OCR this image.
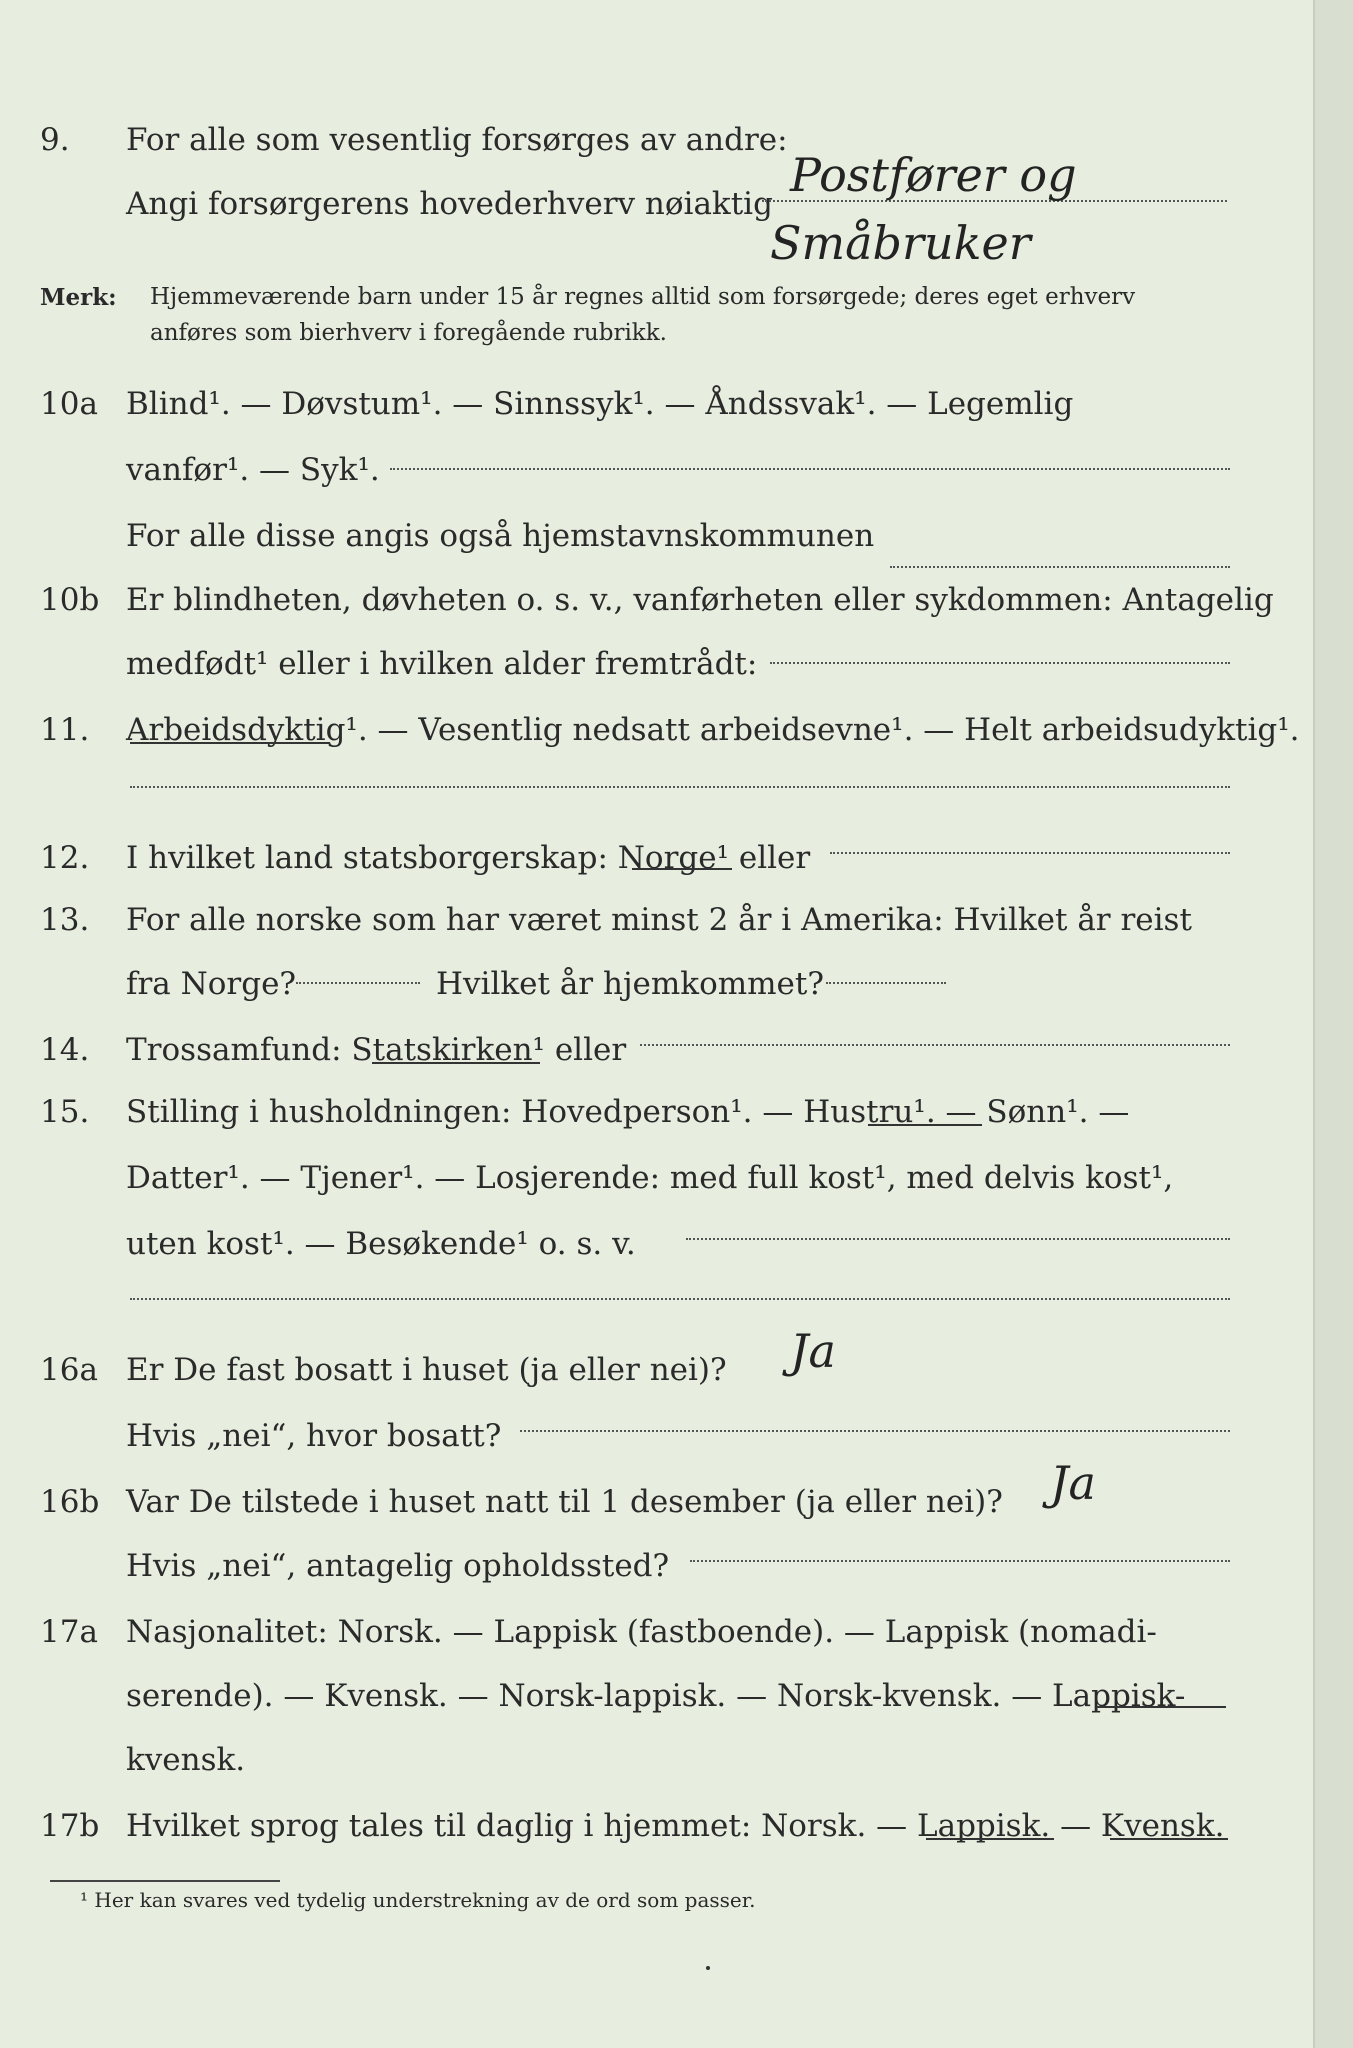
9.	For alle som vesentlig forsørges av andre:
Angi forsørgerens hovederhverv nøiaktig
Postfører og
Småbruker
Merk: Hjemmeværende barn under 15 år regnes alltid som forsørgede; deres eget erhverv
anføres som bierhverv i foregående rubrikk.
10a Blind¹. — Døvstum¹. — Sinnssyk¹. — Åndssvak¹. — Legemlig
vanfør¹. — Syk¹.
For alle disse angis også hjemstavnskommunen
10b Er blindheten, døvheten o. s. v., vanførheten eller sykdommen: Antagelig
medfødt¹ eller i hvilken alder fremtrådt:
11.	Arbeidsdyktig¹. — Vesentlig nedsatt arbeidsevne¹. — Helt arbeidsudyktig¹.
12.	I hvilket land statsborgerskap: Norge¹ eller
13.	For alle norske som har været minst 2 år i Amerika: Hvilket år reist
fra Norge?	Hvilket år hjemkommet?
14.	Trossamfund: Statskirken¹ eller
15.	Stilling i husholdningen: Hovedperson¹. — Hustru¹. — Sønn¹. —
Datter¹. — Tjener¹. — Losjerende: med full kost¹, med delvis kost¹,
uten kost¹. — Besøkende¹ o. s. v.
16a Er De fast bosatt i huset (ja eller nei)? Ja
Hvis „nei“, hvor bosatt?
16b Var De tilstede i huset natt til 1 desember (ja eller nei)? Ja
Hvis „nei“, antagelig opholdssted?
17a Nasjonalitet: Norsk. — Lappisk (fastboende). — Lappisk (nomadi-
serende). — Kvensk. — Norsk-lappisk. — Norsk-kvensk. — Lappisk-
kvensk.
17b Hvilket sprog tales til daglig i hjemmet: Norsk. — Lappisk. — Kvensk.
¹ Her kan svares ved tydelig understrekning av de ord som passer.
